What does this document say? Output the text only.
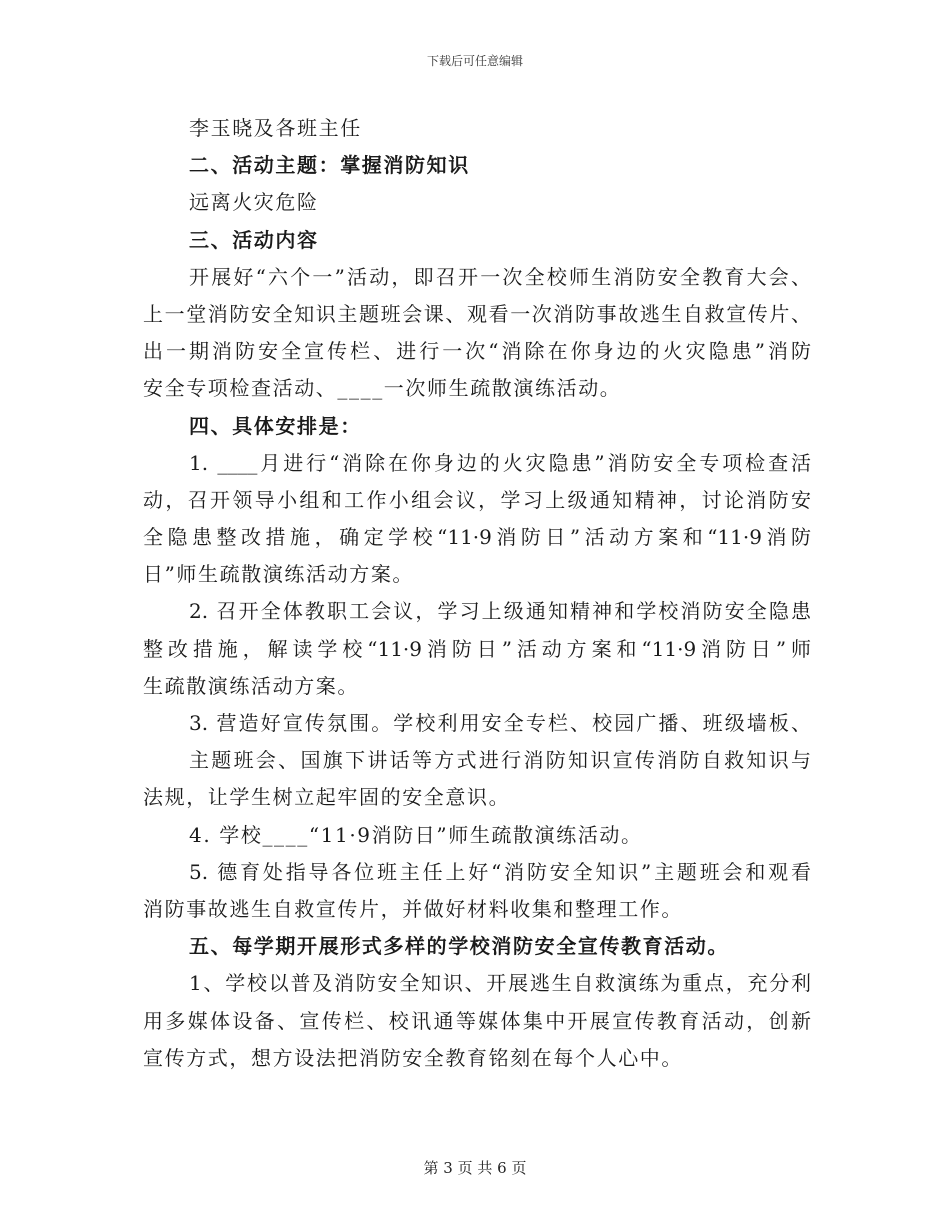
下载后可任意编辑
李玉晓及各班主任
二、活动主题：掌握消防知识
远离火灾危险
三、活动内容
开展好“六个一”活动，即召开一次全校师生消防安全教育大会、
上一堂消防安全知识主题班会课、观看一次消防事故逃生自救宣传片、
出一期消防安全宣传栏、进行一次“消除在你身边的火灾隐患”消防
安全专项检查活动、____一次师生疏散演练活动。
四、具体安排是：
1. ____月进行“消除在你身边的火灾隐患”消防安全专项检查活
动，召开领导小组和工作小组会议，学习上级通知精神，讨论消防安
全隐患整改措施，确定学校“11·9消防日”活动方案和“11·9消防
日”师生疏散演练活动方案。
2. 召开全体教职工会议，学习上级通知精神和学校消防安全隐患
整改措施，解读学校“11·9消防日”活动方案和“11·9消防日”师
生疏散演练活动方案。
3. 营造好宣传氛围。学校利用安全专栏、校园广播、班级墙板、
主题班会、国旗下讲话等方式进行消防知识宣传消防自救知识与
法规，让学生树立起牢固的安全意识。
4. 学校____“11·9消防日”师生疏散演练活动。
5. 德育处指导各位班主任上好“消防安全知识”主题班会和观看
消防事故逃生自救宣传片，并做好材料收集和整理工作。
五、每学期开展形式多样的学校消防安全宣传教育活动。
1、学校以普及消防安全知识、开展逃生自救演练为重点，充分利
用多媒体设备、宣传栏、校讯通等媒体集中开展宣传教育活动，创新
宣传方式，想方设法把消防安全教育铭刻在每个人心中。
第 3 页 共 6 页
